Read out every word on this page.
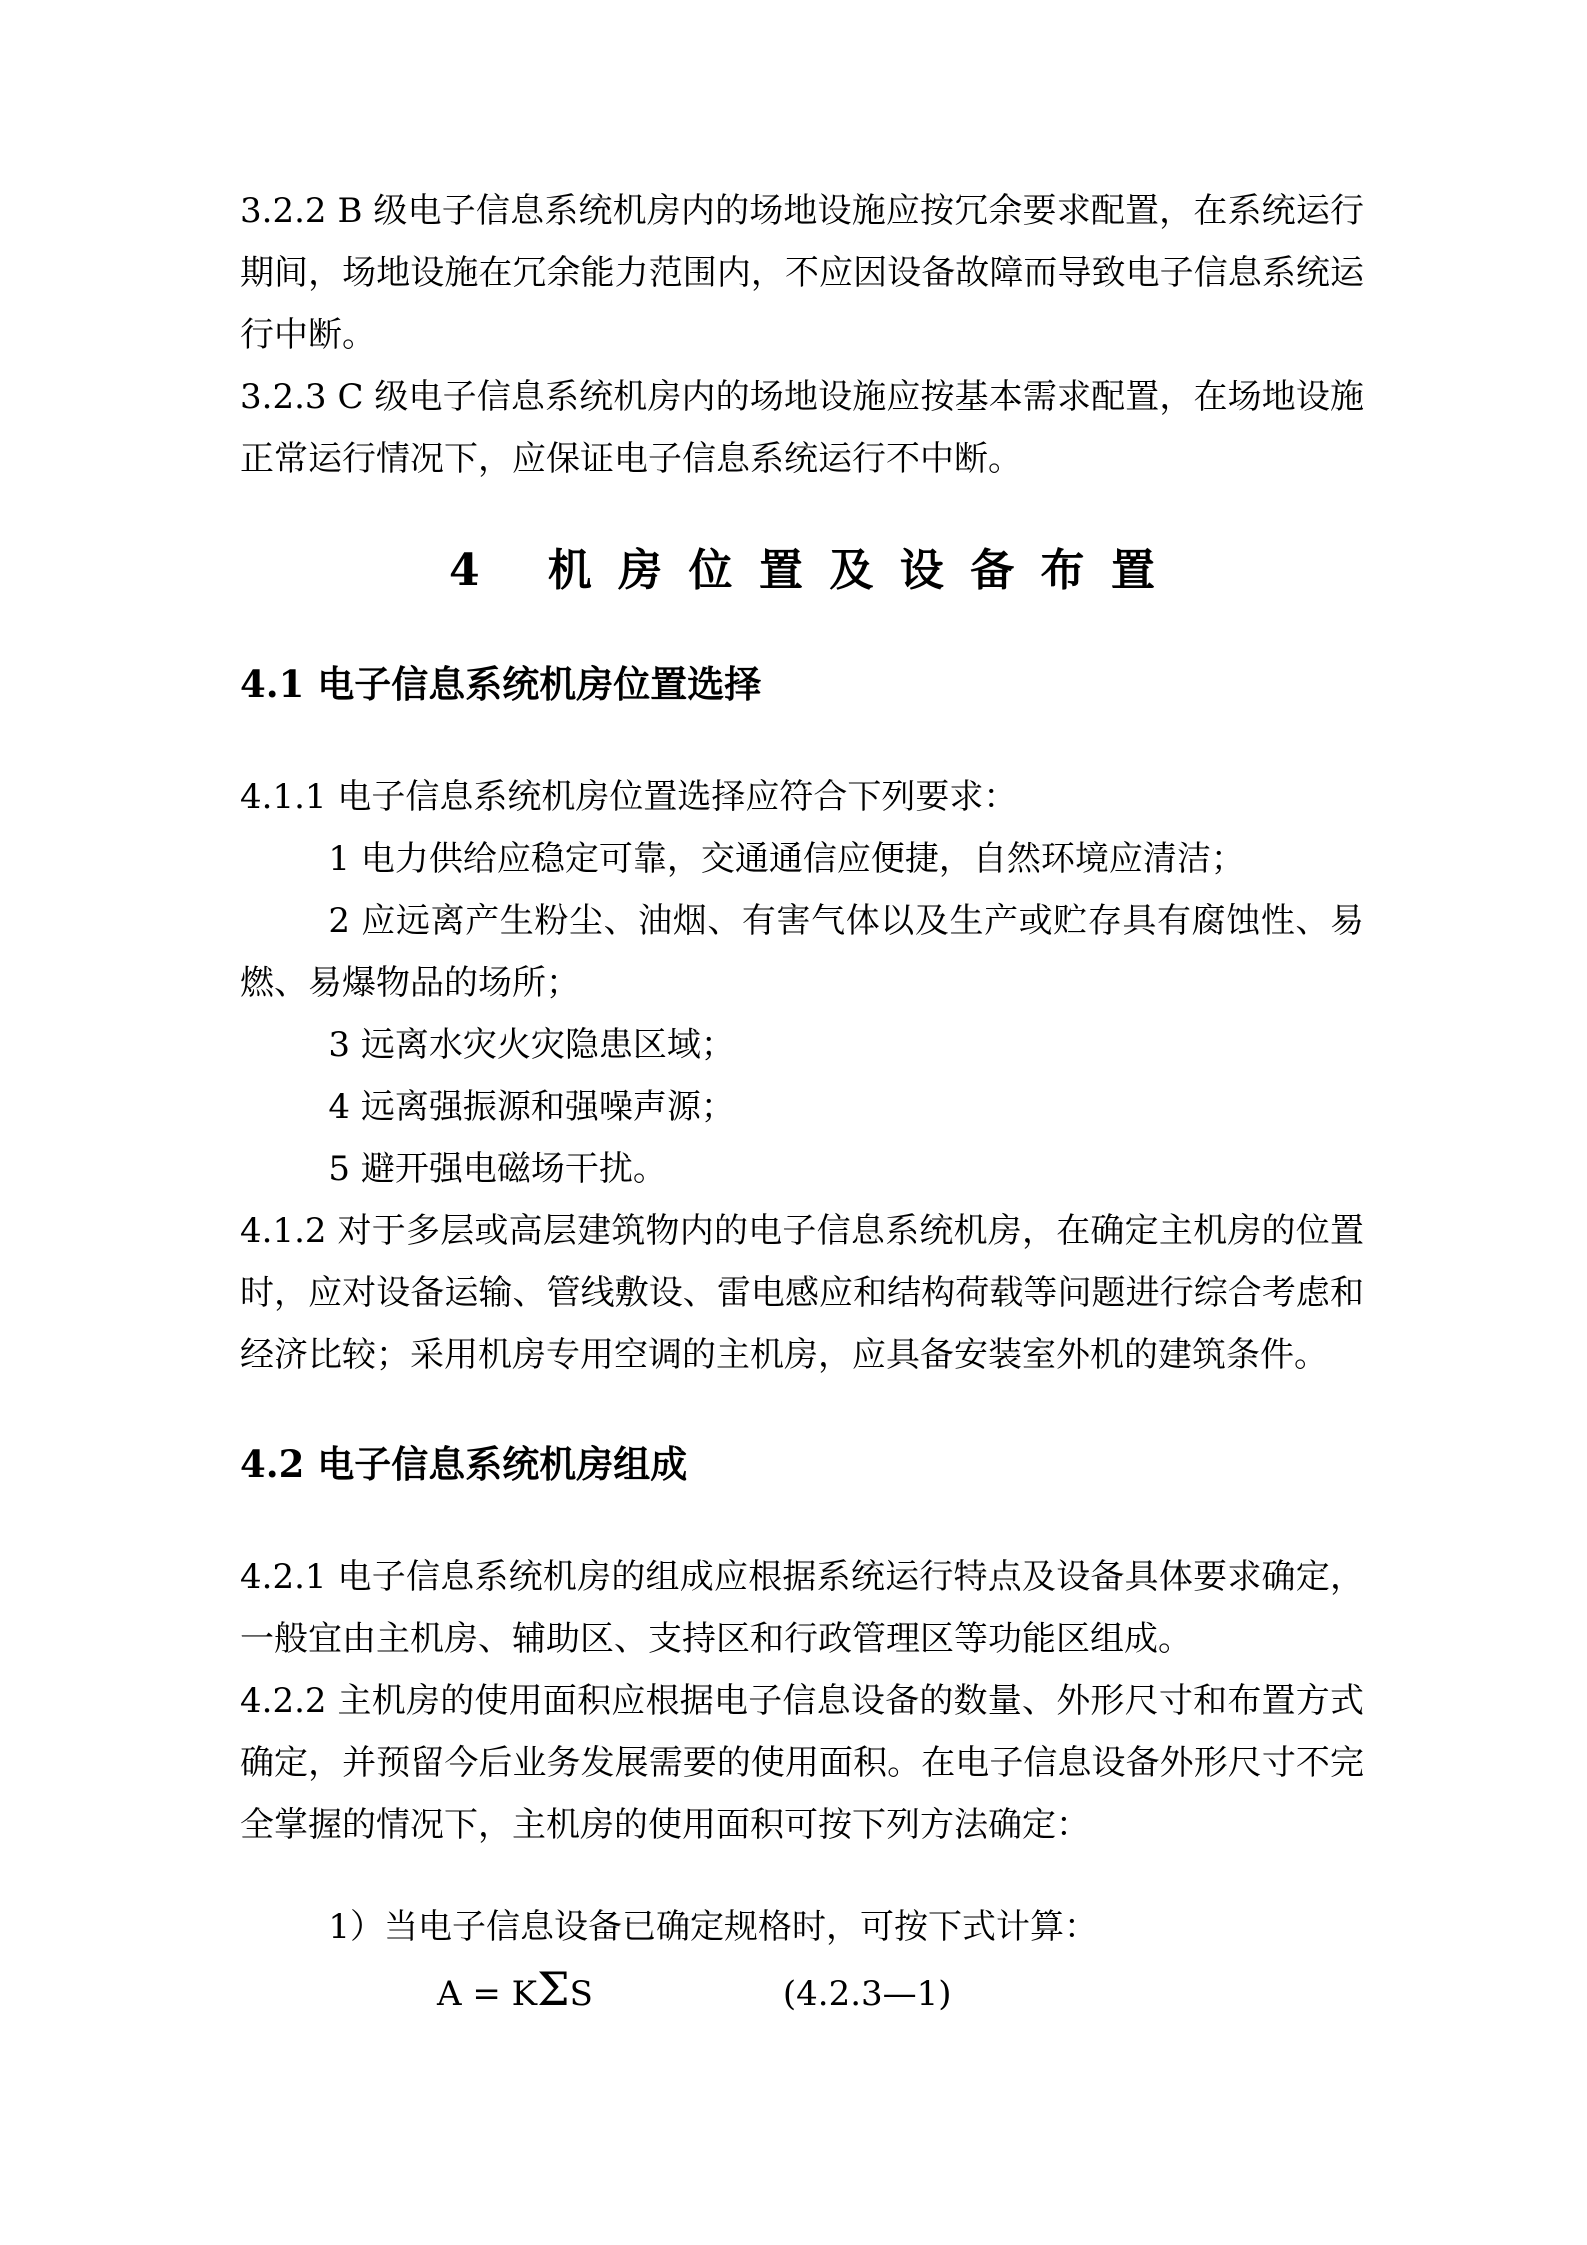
3.2.2 B 级电子信息系统机房内的场地设施应按冗余要求配置，在系统运行期间，场地设施在冗余能力范围内，不应因设备故障而导致电子信息系统运行中断。

3.2.3 C 级电子信息系统机房内的场地设施应按基本需求配置，在场地设施正常运行情况下，应保证电子信息系统运行不中断。

4 机房位置及设备布置
4.1 电子信息系统机房位置选择

4.1.1 电子信息系统机房位置选择应符合下列要求：

1 电力供给应稳定可靠，交通通信应便捷，自然环境应清洁；

2 应远离产生粉尘、油烟、有害气体以及生产或贮存具有腐蚀性、易燃、易爆物品的场所；

3 远离水灾火灾隐患区域；

4 远离强振源和强噪声源；

5 避开强电磁场干扰。

4.1.2 对于多层或高层建筑物内的电子信息系统机房，在确定主机房的位置时，应对设备运输、管线敷设、雷电感应和结构荷载等问题进行综合考虑和经济比较；采用机房专用空调的主机房，应具备安装室外机的建筑条件。

4.2 电子信息系统机房组成

4.2.1 电子信息系统机房的组成应根据系统运行特点及设备具体要求确定，一般宜由主机房、辅助区、支持区和行政管理区等功能区组成。

4.2.2 主机房的使用面积应根据电子信息设备的数量、外形尺寸和布置方式确定，并预留今后业务发展需要的使用面积。在电子信息设备外形尺寸不完全掌握的情况下，主机房的使用面积可按下列方法确定：

1）当电子信息设备已确定规格时，可按下式计算：

A = KΣS	(4.2.3—1)
